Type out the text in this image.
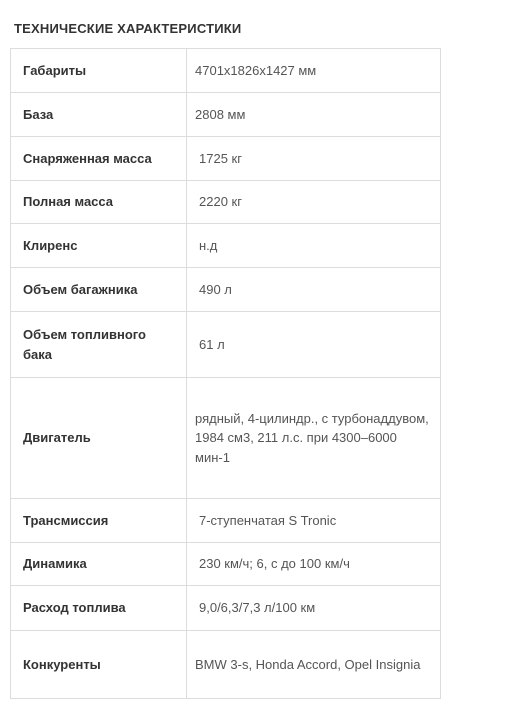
ТЕХНИЧЕСКИЕ ХАРАКТЕРИСТИКИ
Габариты	4701x1826x1427 мм
База	2808 мм
Снаряженная масса	1725 кг
Полная масса	2220 кг
Клиренс	н.д
Объем багажника	490 л
Объем топливного бака	61 л
Двигатель	рядный, 4-цилиндр., с турбонаддувом,
1984 см3, 211 л.с. при 4300–6000 мин-1
Трансмиссия	7-ступенчатая S Tronic
Динамика	230 км/ч; 6, с до 100 км/ч
Расход топлива	9,0/6,3/7,3 л/100 км
Конкуренты	BMW 3-s, Honda Accord, Opel Insignia
